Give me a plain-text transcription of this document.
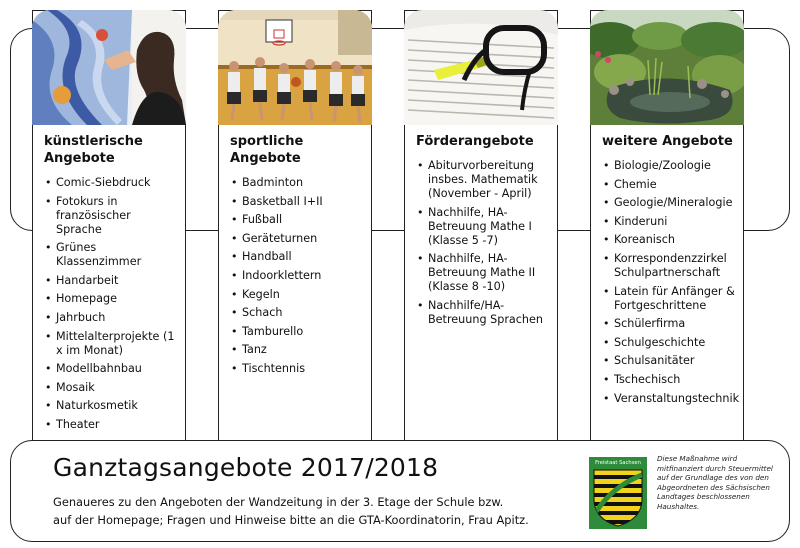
künstlerische Angebote
• Comic-Siebdruck
• Fotokurs in französischer Sprache
• Grünes Klassenzimmer
• Handarbeit
• Homepage
• Jahrbuch
• Mittelalterprojekte (1 x im Monat)
• Modellbahnbau
• Mosaik
• Naturkosmetik
• Theater
sportliche Angebote
• Badminton
• Basketball I+II
• Fußball
• Geräteturnen
• Handball
• Indoorklettern
• Kegeln
• Schach
• Tamburello
• Tanz
• Tischtennis
Förderangebote
• Abiturvorbereitung insbes. Mathematik (November - April)
• Nachhilfe, HA-Betreuung Mathe I (Klasse 5 -7)
• Nachhilfe, HA-Betreuung Mathe II (Klasse 8 -10)
• Nachhilfe/HA-Betreuung Sprachen
weitere Angebote
• Biologie/Zoologie
• Chemie
• Geologie/Mineralogie
• Kinderuni
• Koreanisch
• Korrespondenzzirkel Schulpartnerschaft
• Latein für Anfänger & Fortgeschrittene
• Schülerfirma
• Schulgeschichte
• Schulsanitäter
• Tschechisch
• Veranstaltungstechnik
Ganztagsangebote 2017/2018
Genaueres zu den Angeboten der Wandzeitung in der 3. Etage der Schule bzw.
auf der Homepage; Fragen und Hinweise bitte an die GTA-Koordinatorin, Frau Apitz.
Freistaat Sachsen Diese Maßnahme wird mitfinanziert durch Steuermittel auf der Grundlage des von den Abgeordneten des Sächsischen Landtages beschlossenen Haushaltes.
